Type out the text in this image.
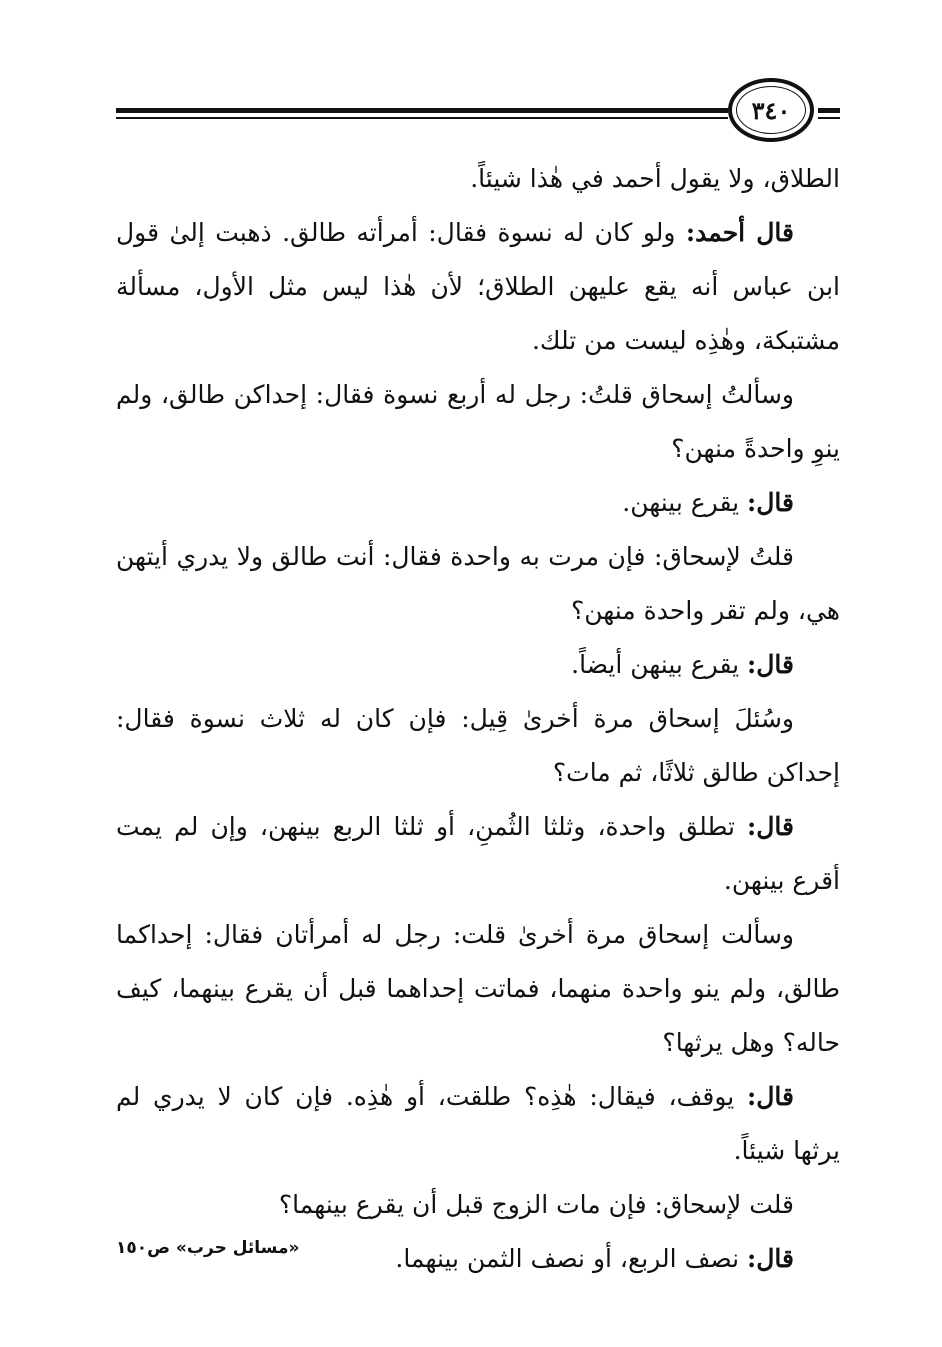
٣٤٠

الطلاق، ولا يقول أحمد في هٰذا شيئاً.

قال أحمد: ولو كان له نسوة فقال: أمرأته طالق. ذهبت إلىٰ قول ابن عباس أنه يقع عليهن الطلاق؛ لأن هٰذا ليس مثل الأول، مسألة مشتبكة، وهٰذِه ليست من تلك.

وسألتُ إسحاق قلتُ: رجل له أربع نسوة فقال: إحداكن طالق، ولم ينوِ واحدةً منهن؟

قال: يقرع بينهن.

قلتُ لإسحاق: فإن مرت به واحدة فقال: أنت طالق ولا يدري أيتهن هي، ولم تقر واحدة منهن؟

قال: يقرع بينهن أيضاً.

وسُئلَ إسحاق مرة أخرىٰ قِيل: فإن كان له ثلاث نسوة فقال: إحداكن طالق ثلاثًا، ثم مات؟

قال: تطلق واحدة، وثلثا الثُمنِ، أو ثلثا الربع بينهن، وإن لم يمت أقرع بينهن.

وسألت إسحاق مرة أخرىٰ قلت: رجل له أمرأتان فقال: إحداكما طالق، ولم ينو واحدة منهما، فماتت إحداهما قبل أن يقرع بينهما، كيف حاله؟ وهل يرثها؟

قال: يوقف، فيقال: هٰذِه؟ طلقت، أو هٰذِه. فإن كان لا يدري لم يرثها شيئاً.

قلت لإسحاق: فإن مات الزوج قبل أن يقرع بينهما؟

قال: نصف الربع، أو نصف الثمن بينهما.

«مسائل حرب» ص١٥٠
